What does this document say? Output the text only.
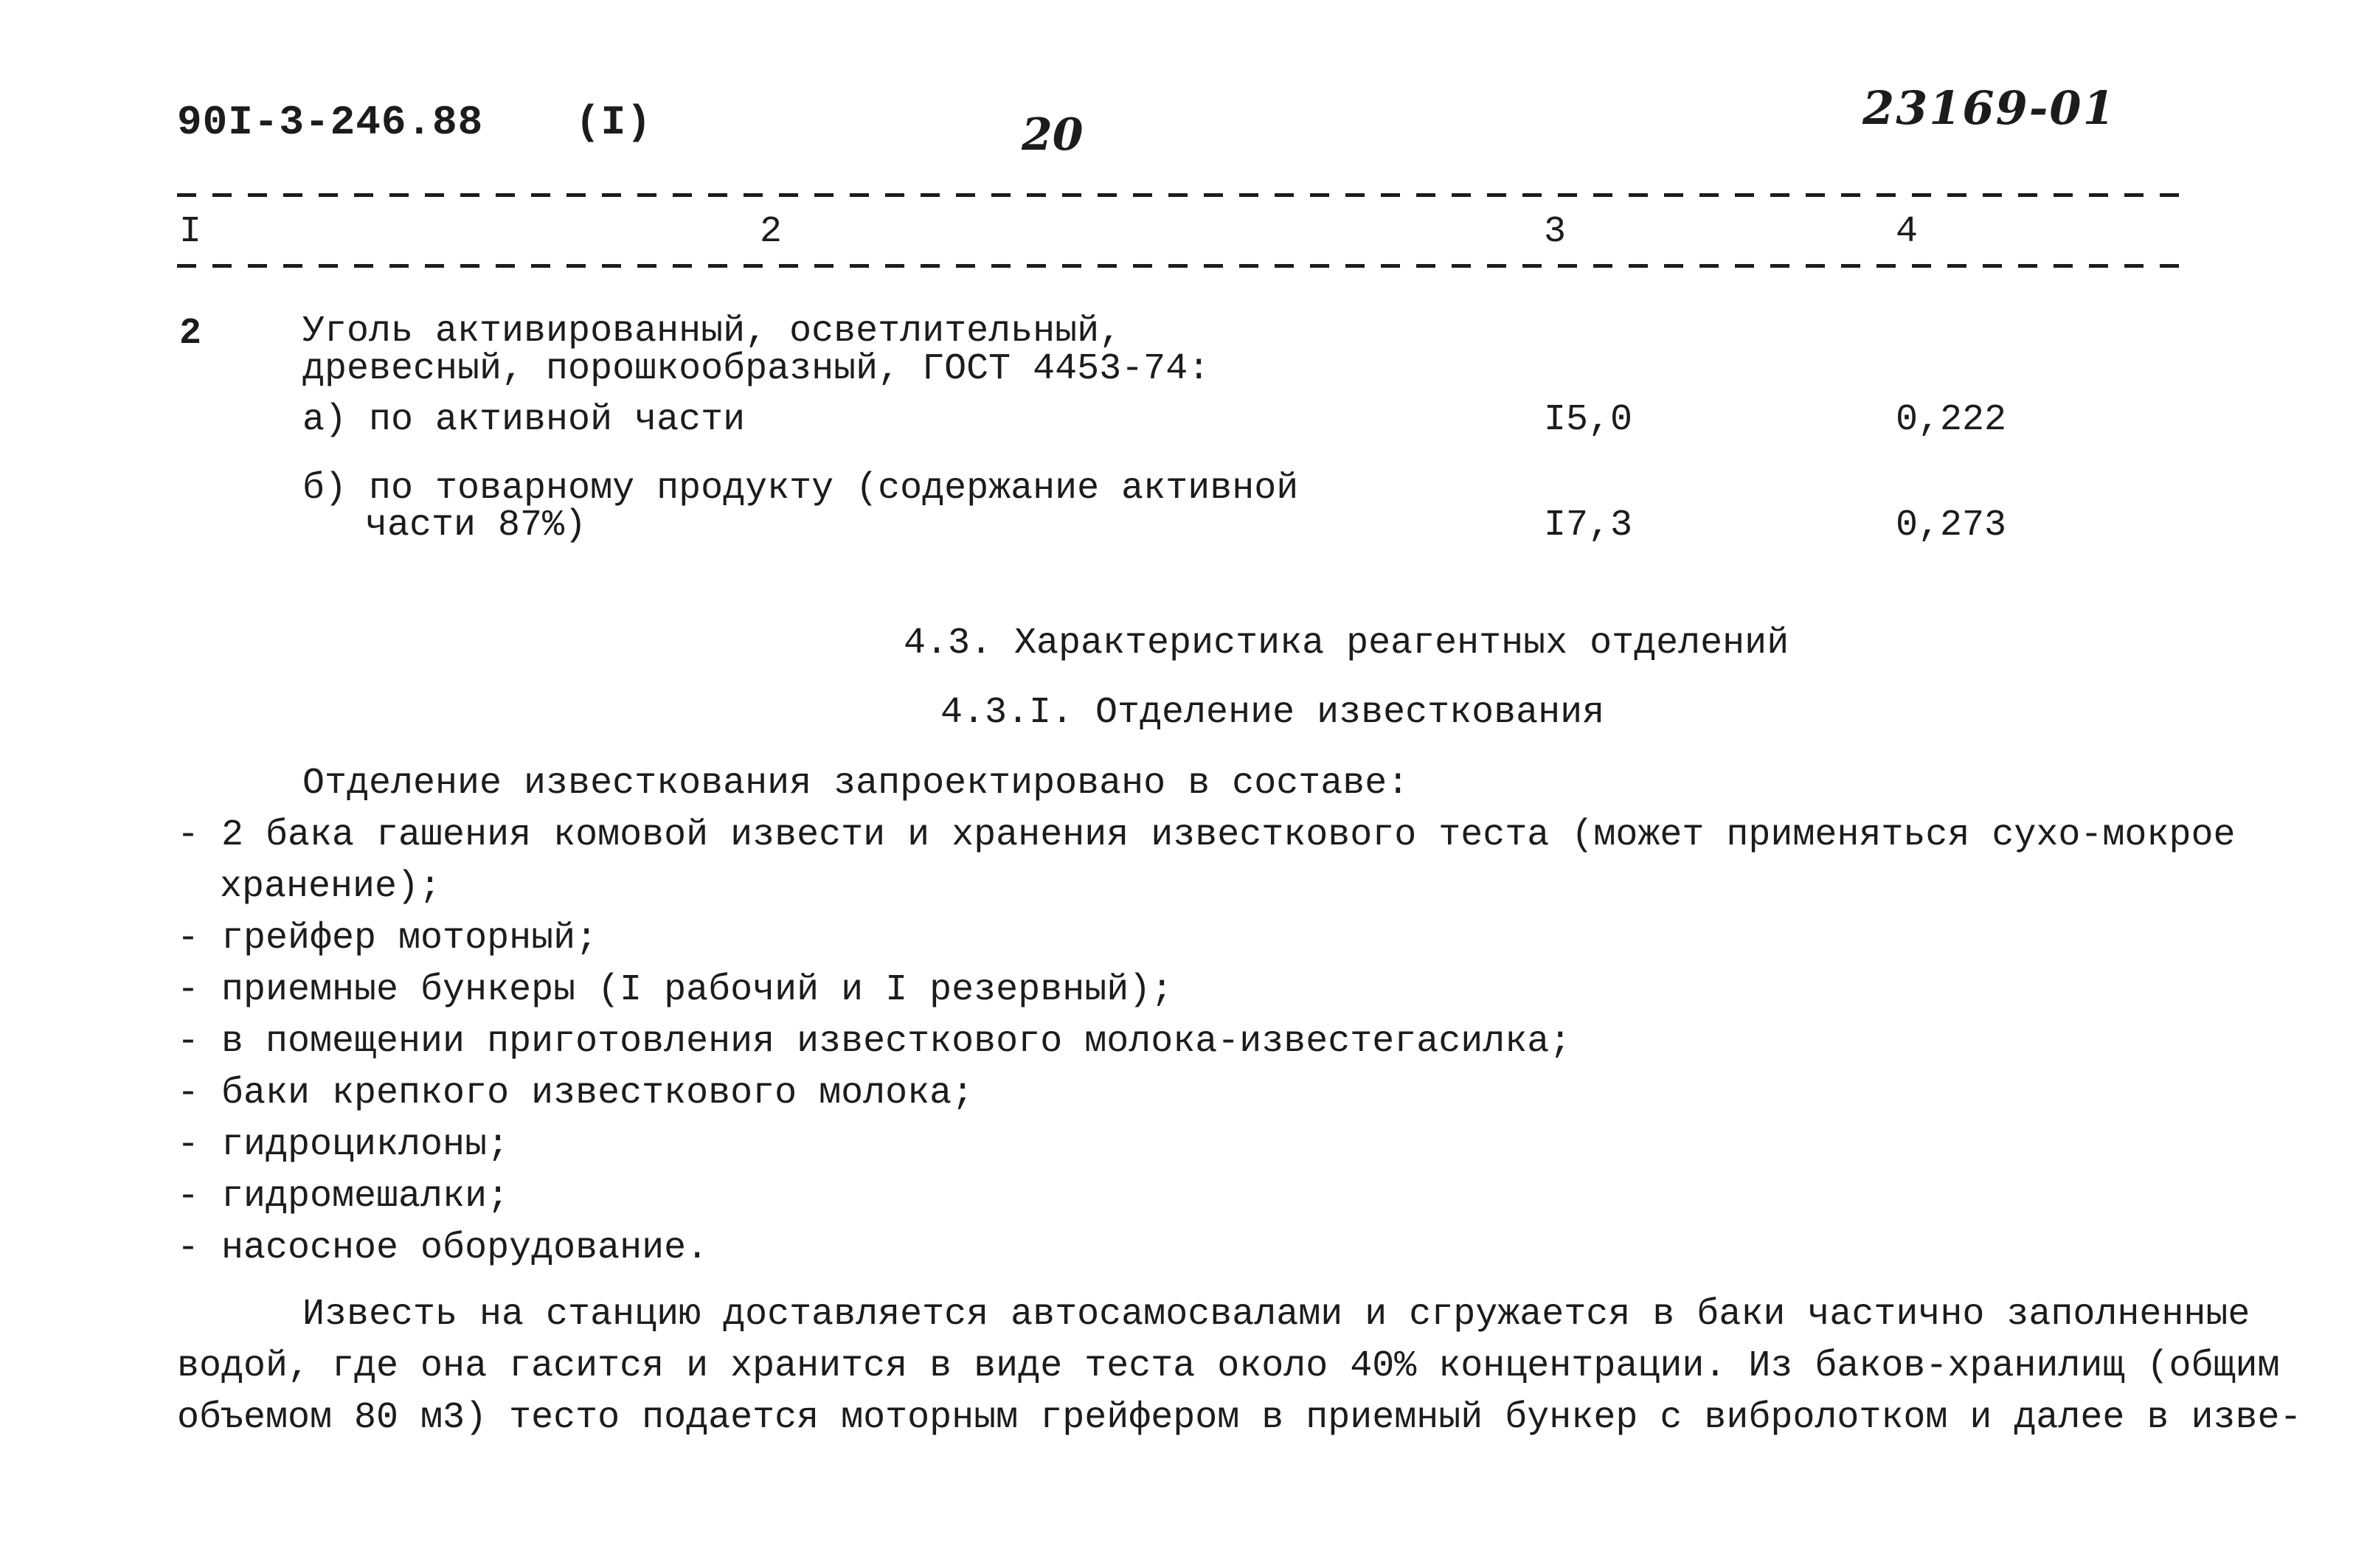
90I-3-246.88 (I)	20	23169-01
I	2	3	4
2	Уголь активированный, осветлительный,
древесный, порошкообразный, ГОСТ 4453-74:
а) по активной части	I5,0	0,222
б) по товарному продукту (содержание активной
части 87%)	I7,3	0,273
4.3. Характеристика реагентных отделений
4.3.I. Отделение известкования
Отделение известкования запроектировано в составе:
- 2 бака гашения комовой извести и хранения известкового теста (может применяться сухо-мокрое
хранение);
- грейфер моторный;
- приемные бункеры (I рабочий и I резервный);
- в помещении приготовления известкового молока-известегасилка;
- баки крепкого известкового молока;
- гидроциклоны;
- гидромешалки;
- насосное оборудование.
Известь на станцию доставляется автосамосвалами и сгружается в баки частично заполненные
водой, где она гасится и хранится в виде теста около 40% концентрации. Из баков-хранилищ (общим
объемом 80 м3) тесто подается моторным грейфером в приемный бункер с вибролотком и далее в изве-
